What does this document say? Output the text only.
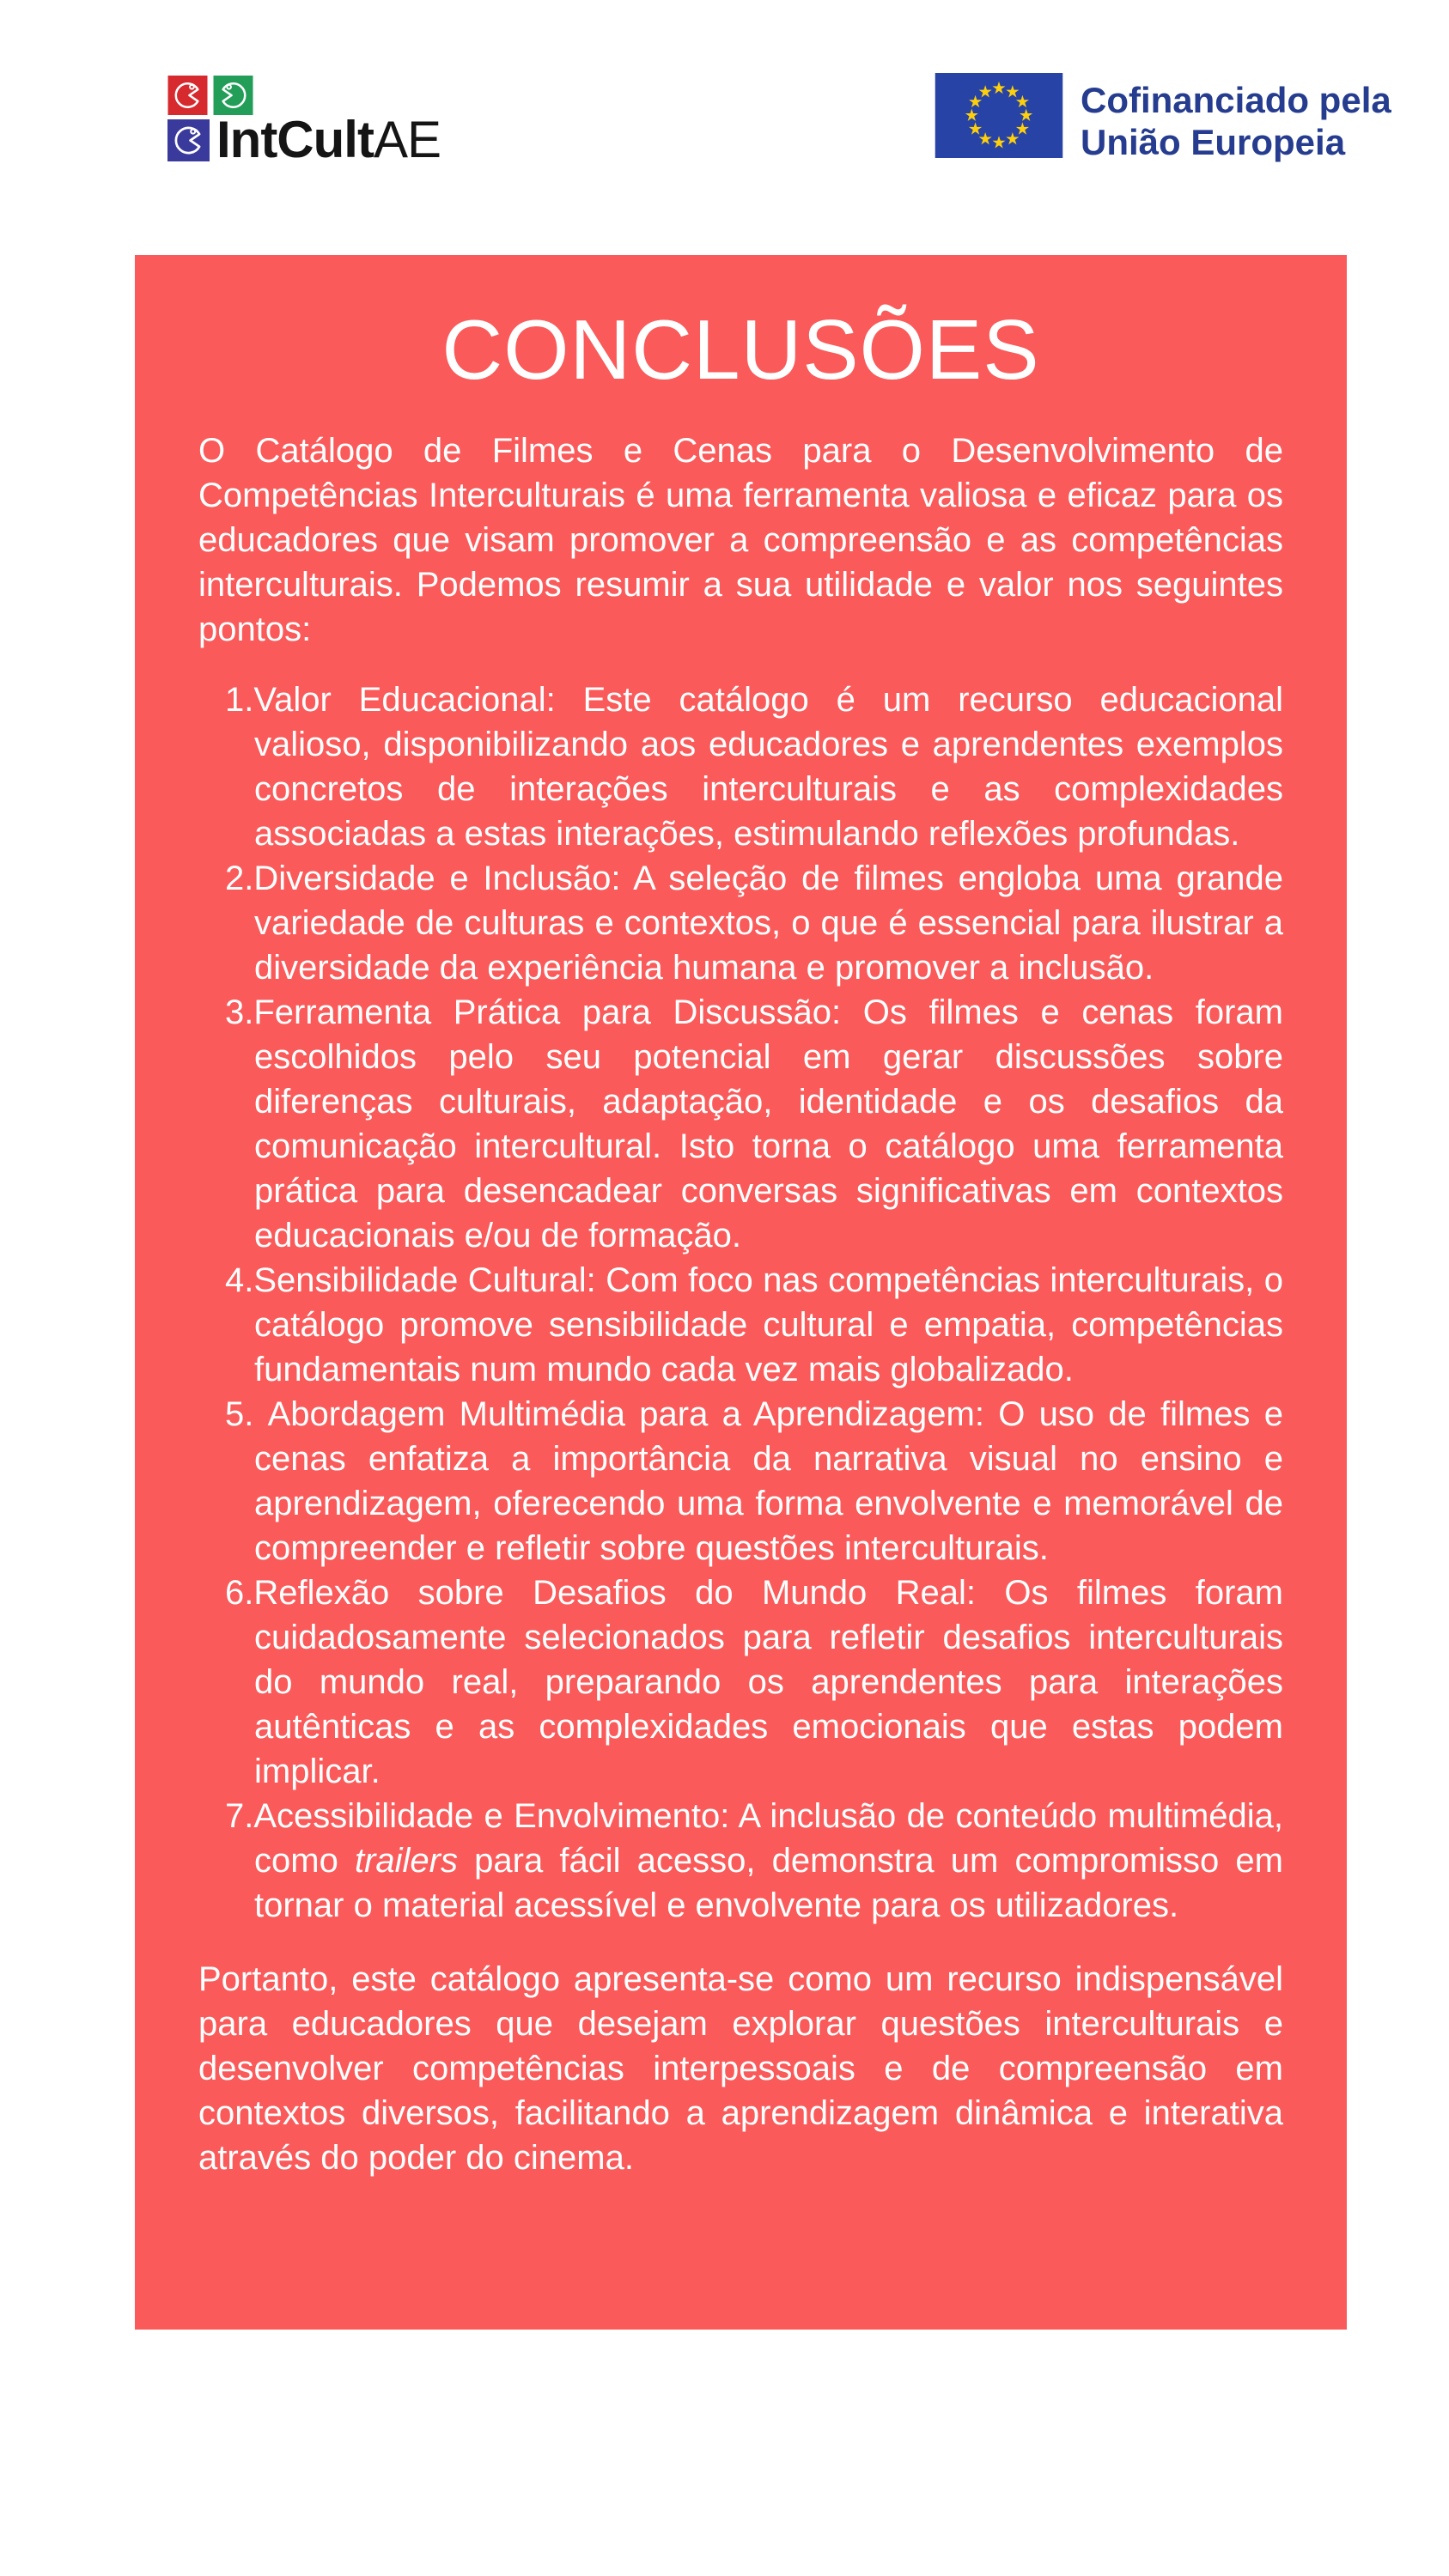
IntCultAE
Cofinanciado pela
União Europeia
CONCLUSÕES

O Catálogo de Filmes e Cenas para o Desenvolvimento de Competências Interculturais é uma ferramenta valiosa e eficaz para os educadores que visam promover a compreensão e as competências interculturais. Podemos resumir a sua utilidade e valor nos seguintes pontos:

1.Valor Educacional: Este catálogo é um recurso educacional valioso, disponibilizando aos educadores e aprendentes exemplos concretos de interações interculturais e as complexidades associadas a estas interações, estimulando reflexões profundas.
2.Diversidade e Inclusão: A seleção de filmes engloba uma grande variedade de culturas e contextos, o que é essencial para ilustrar a diversidade da experiência humana e promover a inclusão.
3.Ferramenta Prática para Discussão: Os filmes e cenas foram escolhidos pelo seu potencial em gerar discussões sobre diferenças culturais, adaptação, identidade e os desafios da comunicação intercultural. Isto torna o catálogo uma ferramenta prática para desencadear conversas significativas em contextos educacionais e/ou de formação.
4.Sensibilidade Cultural: Com foco nas competências interculturais, o catálogo promove sensibilidade cultural e empatia, competências fundamentais num mundo cada vez mais globalizado.
5. Abordagem Multimédia para a Aprendizagem: O uso de filmes e cenas enfatiza a importância da narrativa visual no ensino e aprendizagem, oferecendo uma forma envolvente e memorável de compreender e refletir sobre questões interculturais.
6.Reflexão sobre Desafios do Mundo Real: Os filmes foram cuidadosamente selecionados para refletir desafios interculturais do mundo real, preparando os aprendentes para interações autênticas e as complexidades emocionais que estas podem implicar.
7.Acessibilidade e Envolvimento: A inclusão de conteúdo multimédia, como trailers para fácil acesso, demonstra um compromisso em tornar o material acessível e envolvente para os utilizadores.

Portanto, este catálogo apresenta-se como um recurso indispensável para educadores que desejam explorar questões interculturais e desenvolver competências interpessoais e de compreensão em contextos diversos, facilitando a aprendizagem dinâmica e interativa através do poder do cinema.
